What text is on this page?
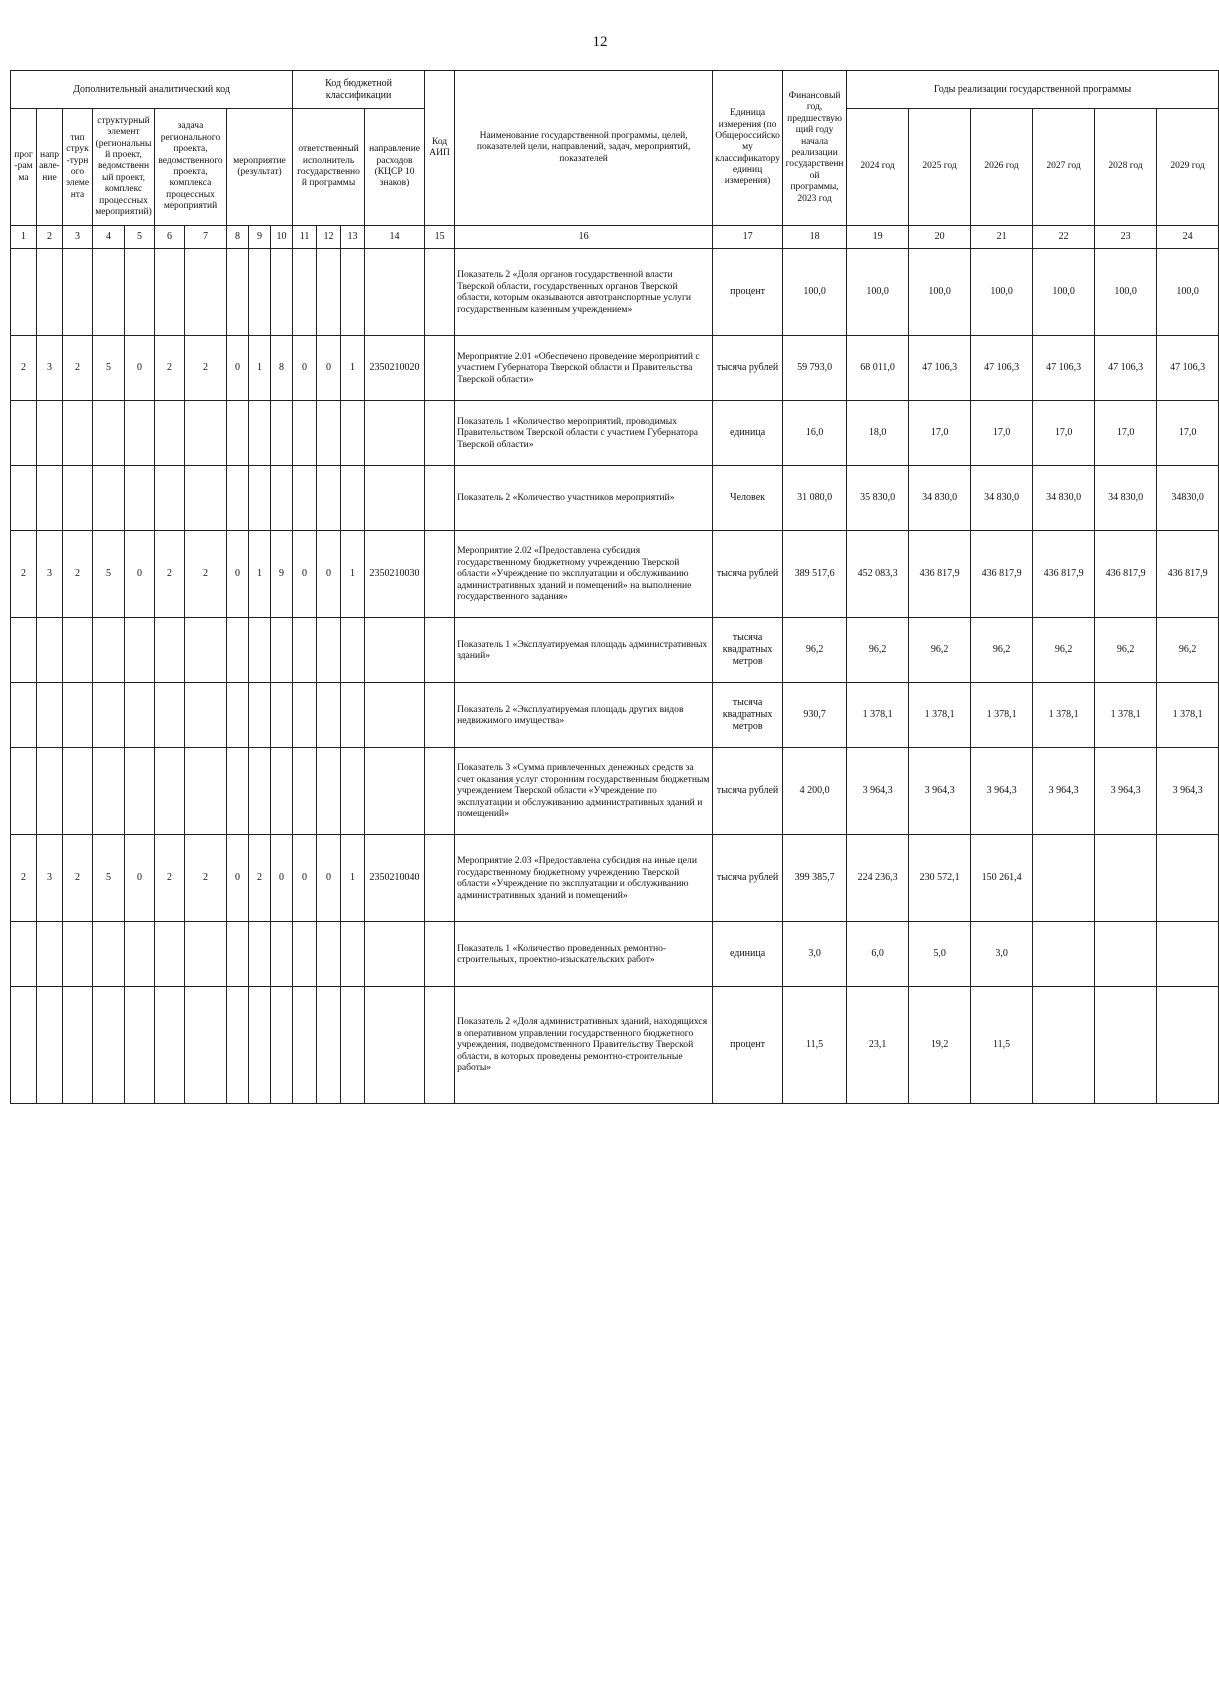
12
Дополнительный аналитический код										Код бюджетной классификации				Код АИП	Наименование государственной программы, целей, показателей цели, направлений, задач, мероприятий, показателей	Единица измерения (по Общероссийскому классификатору единиц измерения)	Финансовый год, предшествующий году начала реализации государственной программы, 2023 год	Годы реализации государственной программы					
прог-рамма	направле-ние	тип струк-турного элемента	структурный элемент (региональный проект, ведомственный проект, комплекс процессных мероприятий)		задача регионального проекта, ведомственного проекта, комплекса процессных мероприятий		мероприятие (результат)			ответственный исполнитель государственной программы			направление расходов (КЦСР 10 знаков)					2024 год	2025 год	2026 год	2027 год	2028 год	2029 год
1	2	3	4	5	6	7	8	9	10	11	12	13	14	15	16	17	18	19	20	21	22	23	24
															Показатель 2 «Доля органов государственной власти Тверской области, государственных органов Тверской области, которым оказываются автотранспортные услуги государственным казенным учреждением»	процент	100,0	100,0	100,0	100,0	100,0	100,0	100,0
2	3	2	5	0	2	2	0	1	8	0	0	1	2350210020		Мероприятие 2.01 «Обеспечено проведение мероприятий с участием Губернатора Тверской области и Правительства Тверской области»	тысяча рублей	59 793,0	68 011,0	47 106,3	47 106,3	47 106,3	47 106,3	47 106,3
															Показатель 1 «Количество мероприятий, проводимых Правительством Тверской области с участием Губернатора Тверской области»	единица	16,0	18,0	17,0	17,0	17,0	17,0	17,0
															Показатель 2 «Количество участников мероприятий»	Человек	31 080,0	35 830,0	34 830,0	34 830,0	34 830,0	34 830,0	34830,0
2	3	2	5	0	2	2	0	1	9	0	0	1	2350210030		Мероприятие 2.02 «Предоставлена субсидия государственному бюджетному учреждению Тверской области «Учреждение по эксплуатации и обслуживанию административных зданий и помещений» на выполнение государственного задания»	тысяча рублей	389 517,6	452 083,3	436 817,9	436 817,9	436 817,9	436 817,9	436 817,9
															Показатель 1 «Эксплуатируемая площадь административных зданий»	тысяча квадратных метров	96,2	96,2	96,2	96,2	96,2	96,2	96,2
															Показатель 2 «Эксплуатируемая площадь других видов недвижимого имущества»	тысяча квадратных метров	930,7	1 378,1	1 378,1	1 378,1	1 378,1	1 378,1	1 378,1
															Показатель 3 «Сумма привлеченных денежных средств за счет оказания услуг сторонним государственным бюджетным учреждением Тверской области «Учреждение по эксплуатации и обслуживанию административных зданий и помещений»	тысяча рублей	4 200,0	3 964,3	3 964,3	3 964,3	3 964,3	3 964,3	3 964,3
2	3	2	5	0	2	2	0	2	0	0	0	1	2350210040		Мероприятие 2.03 «Предоставлена субсидия на иные цели государственному бюджетному учреждению Тверской области «Учреждение по эксплуатации и обслуживанию административных зданий и помещений»	тысяча рублей	399 385,7	224 236,3	230 572,1	150 261,4			
															Показатель 1 «Количество проведенных ремонтно-строительных, проектно-изыскательских работ»	единица	3,0	6,0	5,0	3,0			
															Показатель 2 «Доля административных зданий, находящихся в оперативном управлении государственного бюджетного учреждения, подведомственного Правительству Тверской области, в которых проведены ремонтно-строительные работы»	процент	11,5	23,1	19,2	11,5			
